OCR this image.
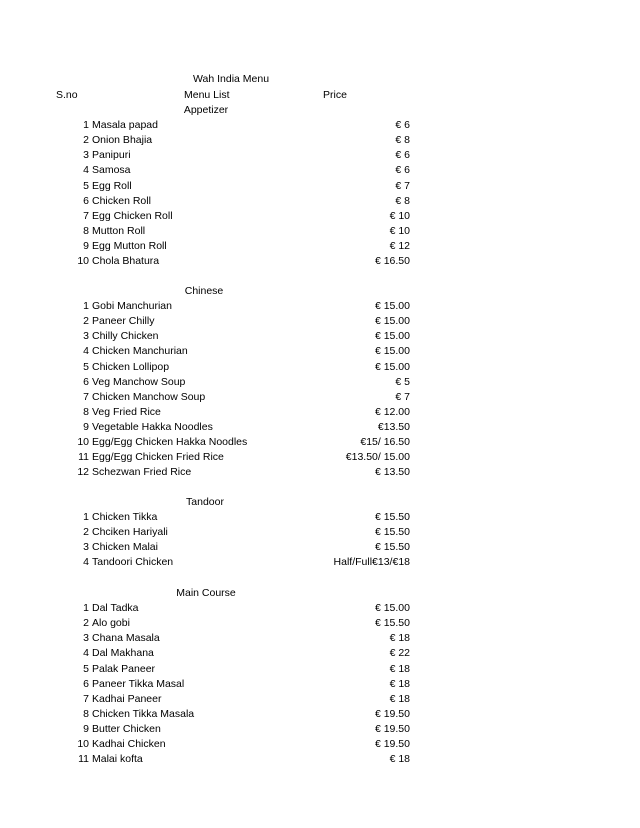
Wah India Menu
S.no	Menu List	Price
Appetizer
1 Masala papad	€ 6
2 Onion Bhajia	€ 8
3 Panipuri	€ 6
4 Samosa	€ 6
5 Egg Roll	€ 7
6 Chicken Roll	€ 8
7 Egg Chicken Roll	€ 10
8 Mutton Roll	€ 10
9 Egg Mutton Roll	€ 12
10 Chola Bhatura	€ 16.50
Chinese
1 Gobi Manchurian	€ 15.00
2 Paneer Chilly	€ 15.00
3 Chilly Chicken	€ 15.00
4 Chicken Manchurian	€ 15.00
5 Chicken Lollipop	€ 15.00
6 Veg Manchow Soup	€ 5
7 Chicken Manchow Soup	€ 7
8 Veg Fried Rice	€ 12.00
9 Vegetable Hakka Noodles	€13.50
10 Egg/Egg Chicken Hakka Noodles	€15/ 16.50
11 Egg/Egg Chicken Fried Rice	€13.50/ 15.00
12 Schezwan Fried Rice	€ 13.50
Tandoor
1 Chicken Tikka	€ 15.50
2 Chciken Hariyali	€ 15.50
3 Chicken Malai	€ 15.50
4 Tandoori Chicken	Half/Full€13/€18
Main Course
1 Dal Tadka	€ 15.00
2 Alo gobi	€ 15.50
3 Chana Masala	€ 18
4 Dal Makhana	€ 22
5 Palak Paneer	€ 18
6 Paneer Tikka Masal	€ 18
7 Kadhai Paneer	€ 18
8 Chicken Tikka Masala	€ 19.50
9 Butter Chicken	€ 19.50
10 Kadhai Chicken	€ 19.50
11 Malai kofta	€ 18
